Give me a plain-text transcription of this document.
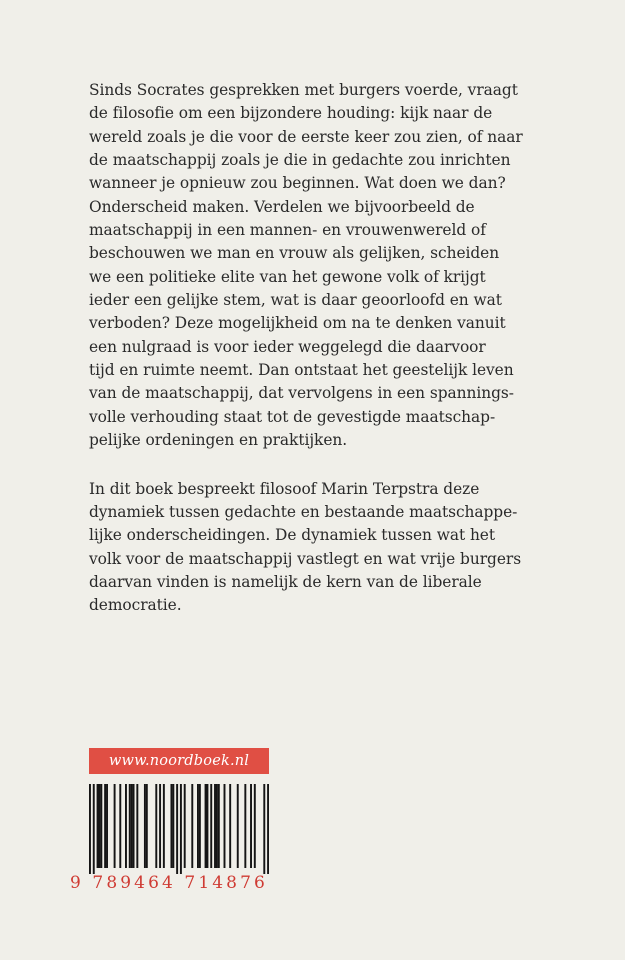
Sinds Socrates gesprekken met burgers voerde, vraagt
de filosofie om een bijzondere houding: kijk naar de
wereld zoals je die voor de eerste keer zou zien, of naar
de maatschappij zoals je die in gedachte zou inrichten
wanneer je opnieuw zou beginnen. Wat doen we dan?
Onderscheid maken. Verdelen we bijvoorbeeld de
maatschappij in een mannen- en vrouwenwereld of
beschouwen we man en vrouw als gelijken, scheiden
we een politieke elite van het gewone volk of krijgt
ieder een gelijke stem, wat is daar geoorloofd en wat
verboden? Deze mogelijkheid om na te denken vanuit
een nulgraad is voor ieder weggelegd die daarvoor
tijd en ruimte neemt. Dan ontstaat het geestelijk leven
van de maatschappij, dat vervolgens in een spannings-
volle verhouding staat tot de gevestigde maatschap-
pelijke ordeningen en praktijken.

In dit boek bespreekt filosoof Marin Terpstra deze
dynamiek tussen gedachte en bestaande maatschappe-
lijke onderscheidingen. De dynamiek tussen wat het
volk voor de maatschappij vastlegt en wat vrije burgers
daarvan vinden is namelijk de kern van de liberale
democratie.

www.noordboek.nl
9 789464 714876
